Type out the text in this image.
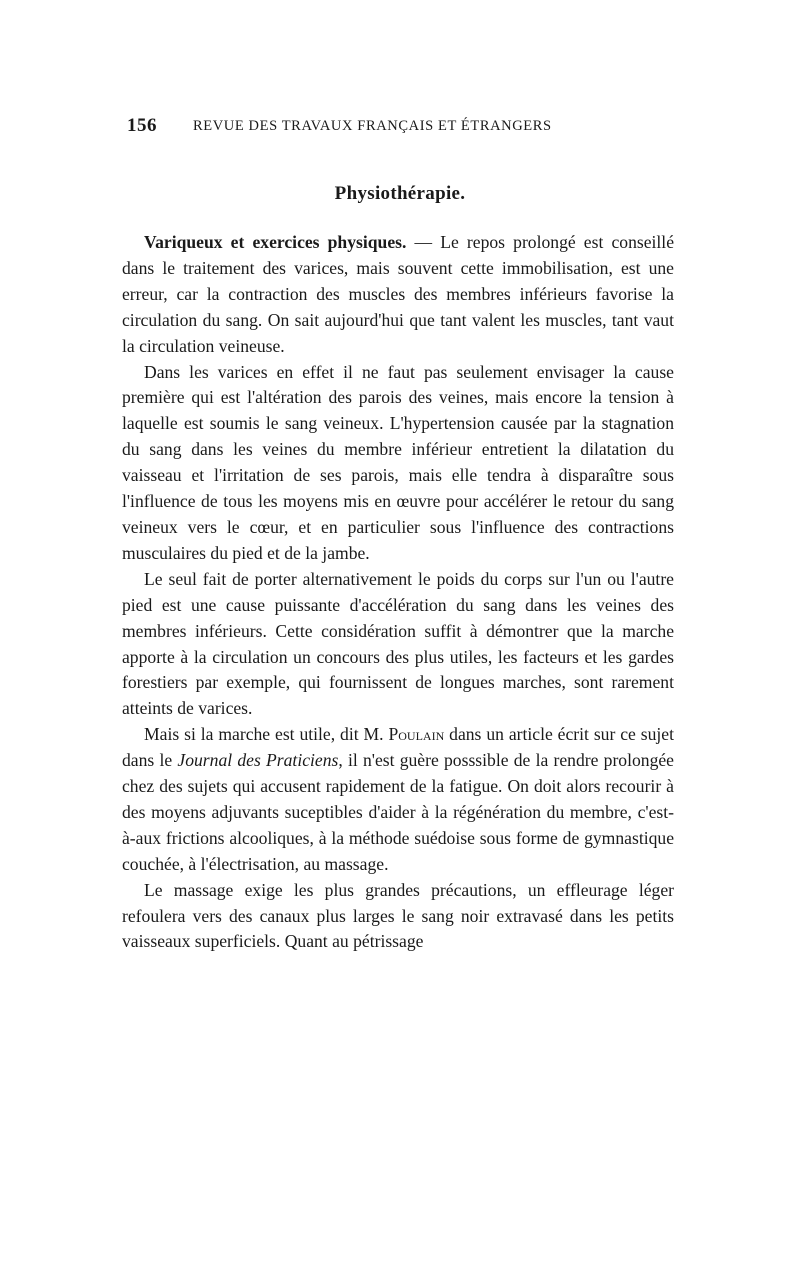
156 REVUE DES TRAVAUX FRANÇAIS ET ÉTRANGERS
Physiothérapie.

Variqueux et exercices physiques. — Le repos prolongé est conseillé dans le traitement des varices, mais souvent cette immobilisation, est une erreur, car la contraction des muscles des membres inférieurs favorise la circulation du sang. On sait aujourd'hui que tant valent les muscles, tant vaut la circulation veineuse.

Dans les varices en effet il ne faut pas seulement envisager la cause première qui est l'altération des parois des veines, mais encore la tension à laquelle est soumis le sang veineux. L'hypertension causée par la stagnation du sang dans les veines du membre inférieur entretient la dilatation du vaisseau et l'irritation de ses parois, mais elle tendra à disparaître sous l'influence de tous les moyens mis en œuvre pour accélérer le retour du sang veineux vers le cœur, et en particulier sous l'influence des contractions musculaires du pied et de la jambe.

Le seul fait de porter alternativement le poids du corps sur l'un ou l'autre pied est une cause puissante d'accélération du sang dans les veines des membres inférieurs. Cette considération suffit à démontrer que la marche apporte à la circulation un concours des plus utiles, les facteurs et les gardes forestiers par exemple, qui fournissent de longues marches, sont rarement atteints de varices.

Mais si la marche est utile, dit M. Poulain dans un article écrit sur ce sujet dans le Journal des Praticiens, il n'est guère posssible de la rendre prolongée chez des sujets qui accusent rapidement de la fatigue. On doit alors recourir à des moyens adjuvants suceptibles d'aider à la régénération du membre, c'est-à-aux frictions alcooliques, à la méthode suédoise sous forme de gymnastique couchée, à l'électrisation, au massage.

Le massage exige les plus grandes précautions, un effleurage léger refoulera vers des canaux plus larges le sang noir extravasé dans les petits vaisseaux superficiels. Quant au pétrissage
